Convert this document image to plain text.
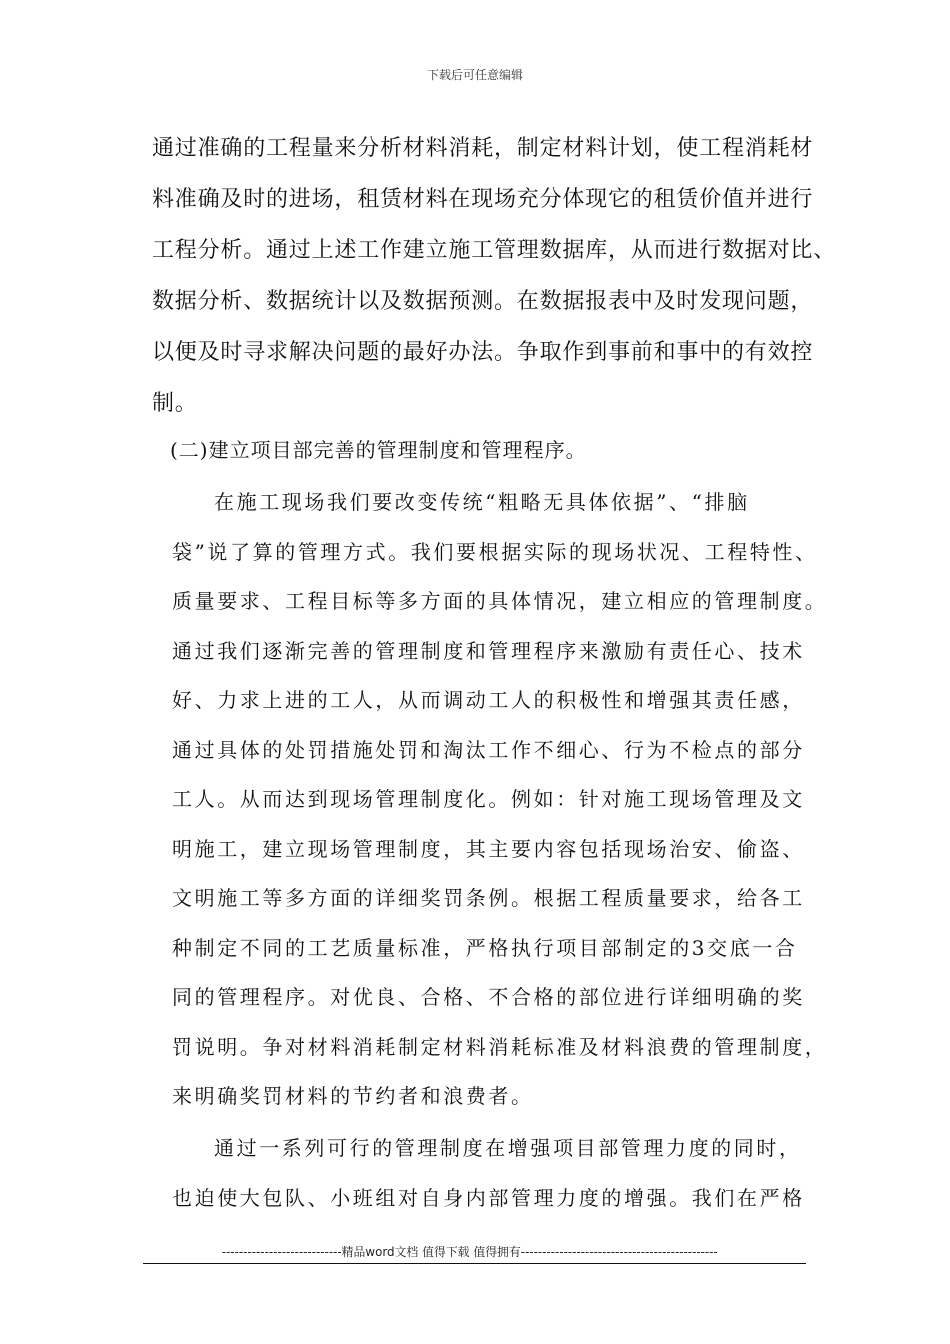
下载后可任意编辑
通过准确的工程量来分析材料消耗，制定材料计划，使工程消耗材
料准确及时的进场，租赁材料在现场充分体现它的租赁价值并进行
工程分析。通过上述工作建立施工管理数据库，从而进行数据对比、
数据分析、数据统计以及数据预测。在数据报表中及时发现问题，
以便及时寻求解决问题的最好办法。争取作到事前和事中的有效控
制。
(二)建立项目部完善的管理制度和管理程序。
在施工现场我们要改变传统“粗略无具体依据”、“排脑
袋”说了算的管理方式。我们要根据实际的现场状况、工程特性、
质量要求、工程目标等多方面的具体情况，建立相应的管理制度。
通过我们逐渐完善的管理制度和管理程序来激励有责任心、技术
好、力求上进的工人，从而调动工人的积极性和增强其责任感，
通过具体的处罚措施处罚和淘汰工作不细心、行为不检点的部分
工人。从而达到现场管理制度化。例如：针对施工现场管理及文
明施工，建立现场管理制度，其主要内容包括现场治安、偷盗、
文明施工等多方面的详细奖罚条例。根据工程质量要求，给各工
种制定不同的工艺质量标准，严格执行项目部制定的3交底一合
同的管理程序。对优良、合格、不合格的部位进行详细明确的奖
罚说明。争对材料消耗制定材料消耗标准及材料浪费的管理制度，
来明确奖罚材料的节约者和浪费者。
通过一系列可行的管理制度在增强项目部管理力度的同时，
也迫使大包队、小班组对自身内部管理力度的增强。我们在严格
----------------------------精品word文档 值得下载 值得拥有----------------------------------------------
